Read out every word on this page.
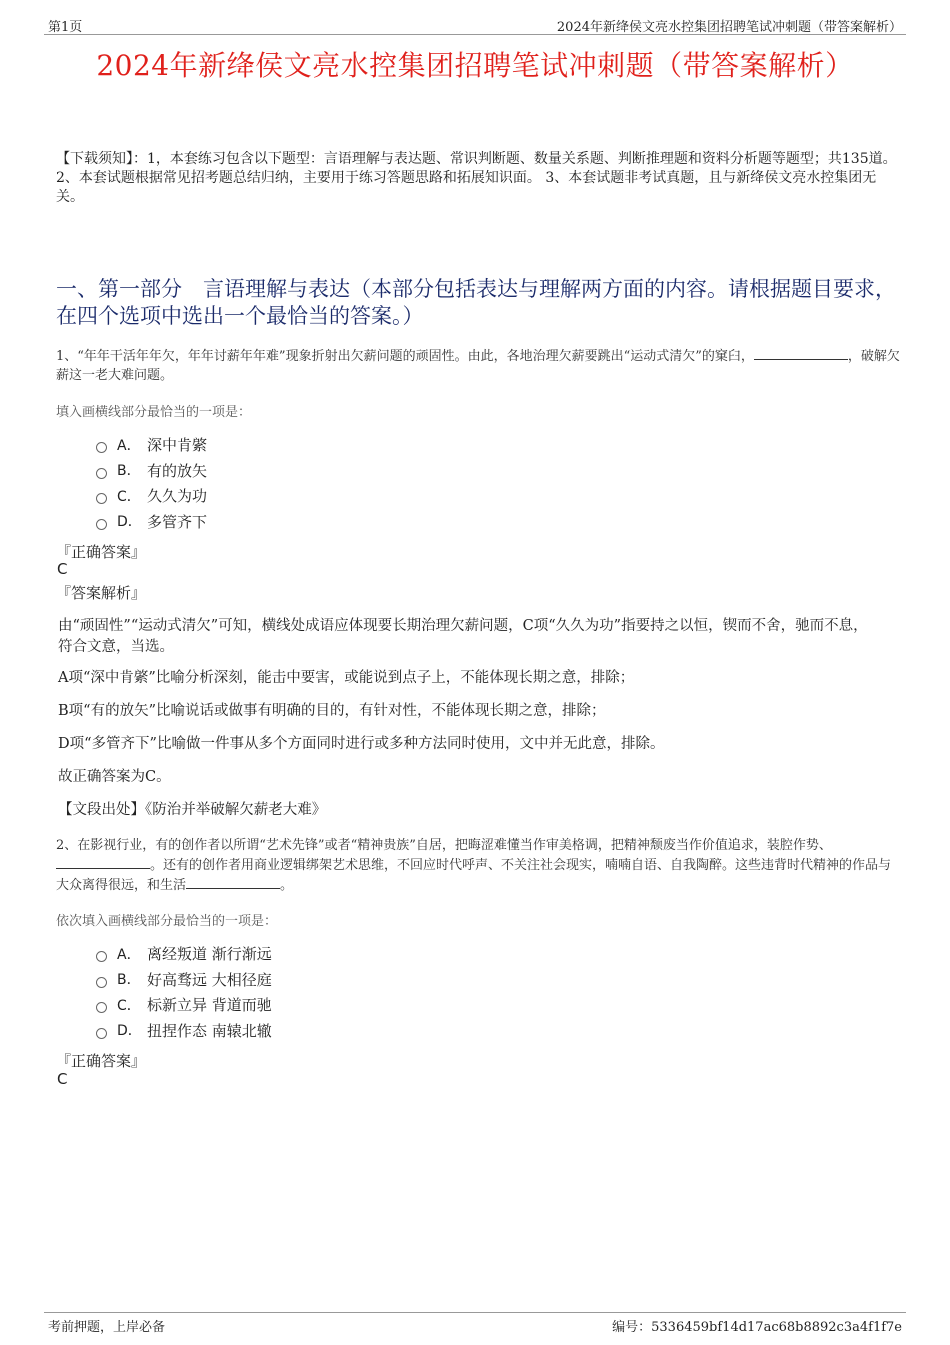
第1页	2024年新绛侯文亮水控集团招聘笔试冲刺题（带答案解析）
2024年新绛侯文亮水控集团招聘笔试冲刺题（带答案解析）
【下载须知】：1，本套练习包含以下题型：言语理解与表达题、常识判断题、数量关系题、判断推理题和资料分析题等题型；共135道。 2、本套试题根据常见招考题总结归纳，主要用于练习答题思路和拓展知识面。 3、本套试题非考试真题，且与新绛侯文亮水控集团无关。
一、第一部分　言语理解与表达（本部分包括表达与理解两方面的内容。请根据题目要求，在四个选项中选出一个最恰当的答案。）
1、“年年干活年年欠，年年讨薪年年难”现象折射出欠薪问题的顽固性。由此，各地治理欠薪要跳出“运动式清欠”的窠臼，	，破解欠薪这一老大难问题。
填入画横线部分最恰当的一项是：
A． 深中肯綮
B． 有的放矢
C． 久久为功
D． 多管齐下
『正确答案』
C
『答案解析』
由“顽固性”“运动式清欠”可知，横线处成语应体现要长期治理欠薪问题，C项“久久为功”指要持之以恒，锲而不舍，驰而不息，符合文意，当选。
A项“深中肯綮”比喻分析深刻，能击中要害，或能说到点子上，不能体现长期之意，排除；
B项“有的放矢”比喻说话或做事有明确的目的，有针对性，不能体现长期之意，排除；
D项“多管齐下”比喻做一件事从多个方面同时进行或多种方法同时使用，文中并无此意，排除。
故正确答案为C。
【文段出处】《防治并举破解欠薪老大难》
2、在影视行业，有的创作者以所谓“艺术先锋”或者“精神贵族”自居，把晦涩难懂当作审美格调，把精神颓废当作价值追求，装腔作势、。还有的创作者用商业逻辑绑架艺术思维，不回应时代呼声、不关注社会现实，喃喃自语、自我陶醉。这些违背时代精神的作品与大众离得很远，和生活	。
依次填入画横线部分最恰当的一项是：
A． 离经叛道 渐行渐远
B． 好高骛远 大相径庭
C． 标新立异 背道而驰
D． 扭捏作态 南辕北辙
『正确答案』
C
考前押题，上岸必备	编号：5336459bf14d17ac68b8892c3a4f1f7e
